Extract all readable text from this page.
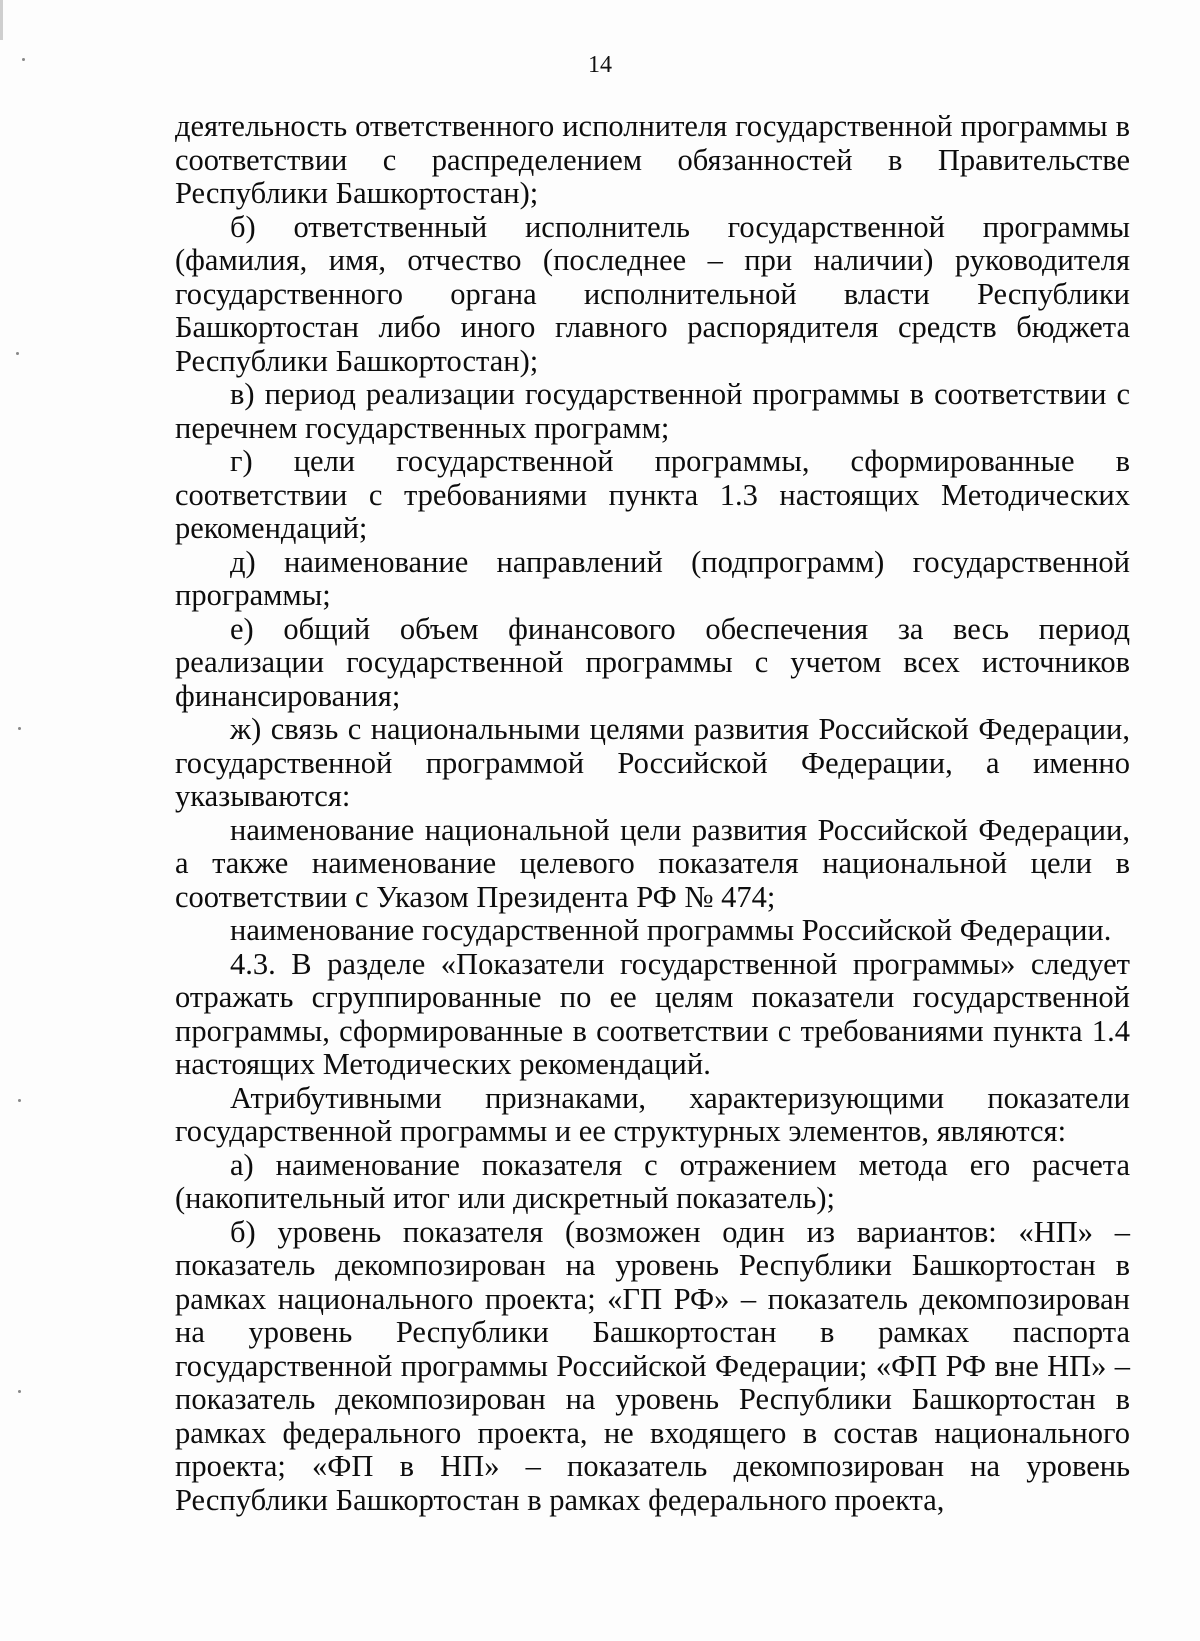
14

деятельность ответственного исполнителя государственной программы в соответствии с распределением обязанностей в Правительстве Республики Башкортостан);

б) ответственный исполнитель государственной программы (фамилия, имя, отчество (последнее – при наличии) руководителя государственного органа исполнительной власти Республики Башкортостан либо иного главного распорядителя средств бюджета Республики Башкортостан);

в) период реализации государственной программы в соответствии с перечнем государственных программ;

г) цели государственной программы, сформированные в соответствии с требованиями пункта 1.3 настоящих Методических рекомендаций;

д) наименование направлений (подпрограмм) государственной программы;

е) общий объем финансового обеспечения за весь период реализации государственной программы с учетом всех источников финансирования;

ж) связь с национальными целями развития Российской Федерации, государственной программой Российской Федерации, а именно указываются:

наименование национальной цели развития Российской Федерации, а также наименование целевого показателя национальной цели в соответствии с Указом Президента РФ № 474;

наименование государственной программы Российской Федерации.

4.3. В разделе «Показатели государственной программы» следует отражать сгруппированные по ее целям показатели государственной программы, сформированные в соответствии с требованиями пункта 1.4 настоящих Методических рекомендаций.

Атрибутивными признаками, характеризующими показатели государственной программы и ее структурных элементов, являются:

а) наименование показателя с отражением метода его расчета (накопительный итог или дискретный показатель);

б) уровень показателя (возможен один из вариантов: «НП» – показатель декомпозирован на уровень Республики Башкортостан в рамках национального проекта; «ГП РФ» – показатель декомпозирован на уровень Республики Башкортостан в рамках паспорта государственной программы Российской Федерации; «ФП РФ вне НП» – показатель декомпозирован на уровень Республики Башкортостан в рамках федерального проекта, не входящего в состав национального проекта; «ФП в НП» – показатель декомпозирован на уровень Республики Башкортостан в рамках федерального проекта,
